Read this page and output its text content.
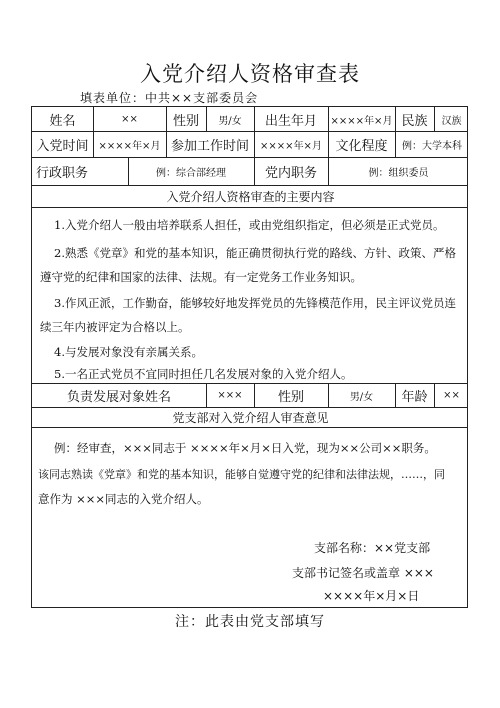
入党介绍人资格审查表
填表单位：中共××支部委员会
姓名	××	性别	男/女	出生年月	××××年×月 民族	汉族
入党时间	××××年×月 参加工作时间	××××年×月	文化程度	例：大学本科
行政职务	例：综合部经理	党内职务	例：组织委员
入党介绍人资格审查的主要内容
1.入党介绍人一般由培养联系人担任，或由党组织指定，但必须是正式党员。
2.熟悉《党章》和党的基本知识，能正确贯彻执行党的路线、方针、政策、严格
遵守党的纪律和国家的法律、法规。有一定党务工作业务知识。
3.作风正派，工作勤奋，能够较好地发挥党员的先锋模范作用，民主评议党员连
续三年内被评定为合格以上。
4.与发展对象没有亲属关系。
5.一名正式党员不宜同时担任几名发展对象的入党介绍人。
负责发展对象姓名	×××	性别	男/女	年龄	××
党支部对入党介绍人审查意见
例：经审查，×××同志于 ××××年×月×日入党，现为××公司××职务。
该同志熟读《党章》和党的基本知识，能够自觉遵守党的纪律和法律法规，……，同
意作为 ×××同志的入党介绍人。
支部名称：××党支部
支部书记签名或盖章 ×××
××××年×月×日
注：此表由党支部填写
